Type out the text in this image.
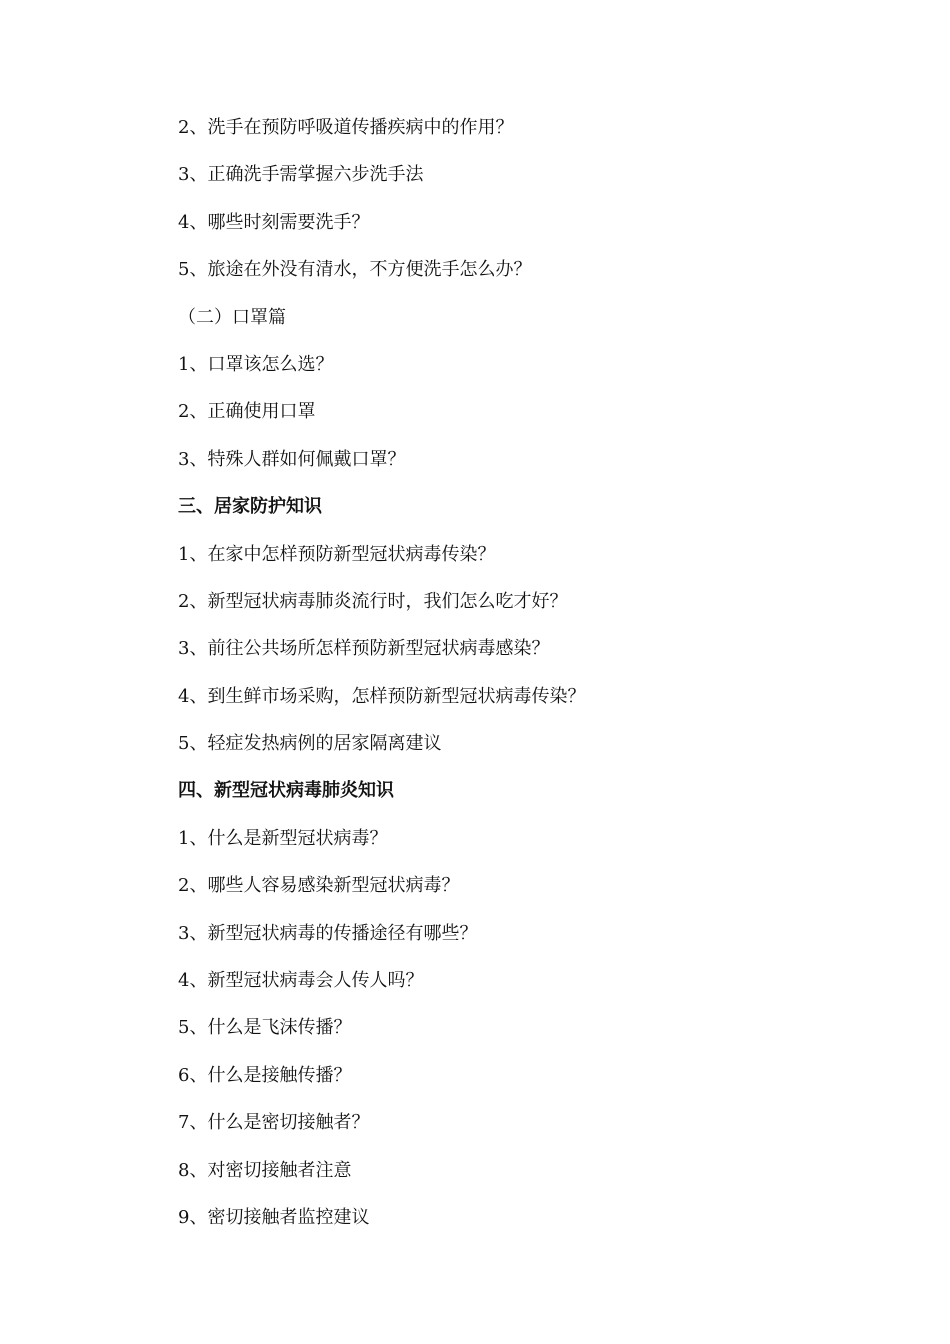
2、洗手在预防呼吸道传播疾病中的作用？
3、正确洗手需掌握六步洗手法
4、哪些时刻需要洗手？
5、旅途在外没有清水，不方便洗手怎么办？
（二）口罩篇
1、口罩该怎么选？
2、正确使用口罩
3、特殊人群如何佩戴口罩？
三、居家防护知识
1、在家中怎样预防新型冠状病毒传染？
2、新型冠状病毒肺炎流行时，我们怎么吃才好？
3、前往公共场所怎样预防新型冠状病毒感染？
4、到生鲜市场采购，怎样预防新型冠状病毒传染？
5、轻症发热病例的居家隔离建议
四、新型冠状病毒肺炎知识
1、什么是新型冠状病毒？
2、哪些人容易感染新型冠状病毒？
3、新型冠状病毒的传播途径有哪些？
4、新型冠状病毒会人传人吗？
5、什么是飞沫传播？
6、什么是接触传播？
7、什么是密切接触者？
8、对密切接触者注意
9、密切接触者监控建议
